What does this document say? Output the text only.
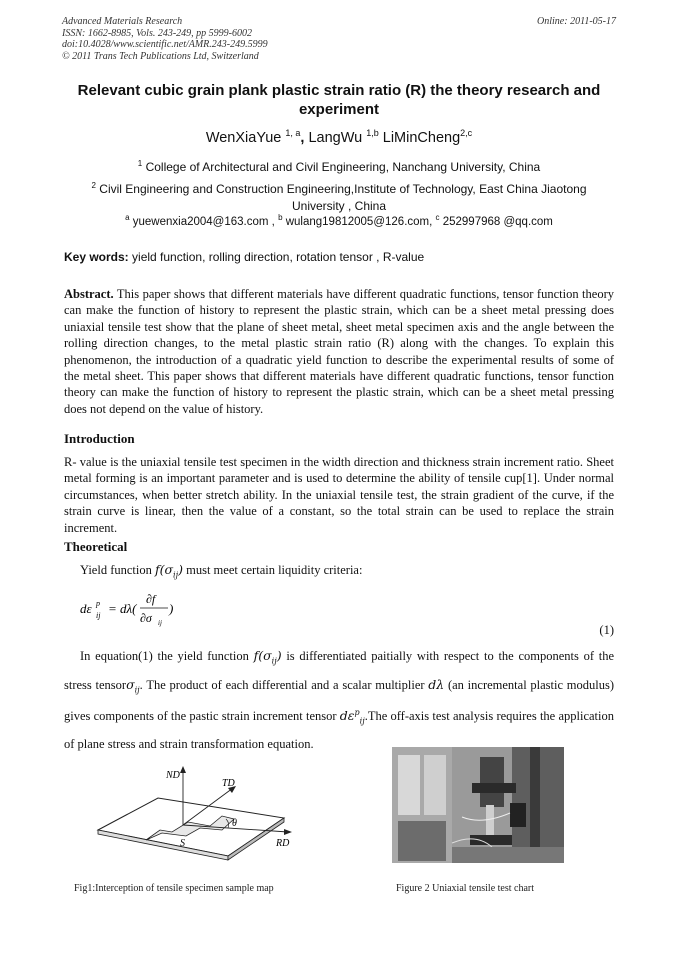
Advanced Materials Research
ISSN: 1662-8985, Vols. 243-249, pp 5999-6002
doi:10.4028/www.scientific.net/AMR.243-249.5999
© 2011 Trans Tech Publications Ltd, Switzerland
Online: 2011-05-17
Relevant cubic grain plank plastic strain ratio (R) the theory research and experiment
WenXiaYue $^{1, a}$, LangWu $^{1,b}$ LiMinCheng$^{2,c}$
$^1$ College of Architectural and Civil Engineering, Nanchang University, China
$^2$ Civil Engineering and Construction Engineering,Institute of Technology, East China Jiaotong University , China
$^a$ yuewenxia2004@163.com , $^b$ wulang19812005@126.com, $^c$ 252997968 @qq.com
Key words: yield function, rolling direction, rotation tensor , R-value
Abstract. This paper shows that different materials have different quadratic functions, tensor function theory can make the function of history to represent the plastic strain, which can be a sheet metal pressing does uniaxial tensile test show that the plane of sheet metal, sheet metal specimen axis and the angle between the rolling direction changes, to the metal plastic strain ratio (R) along with the changes. To explain this phenomenon, the introduction of a quadratic yield function to describe the experimental results of some of the metal sheet. This paper shows that different materials have different quadratic functions, tensor function theory can make the function of history to represent the plastic strain, which can be a sheet metal pressing does not depend on the value of history.
Introduction
R- value is the uniaxial tensile test specimen in the width direction and thickness strain increment ratio. Sheet metal forming is an important parameter and is used to determine the ability of tensile cup[1]. Under normal circumstances, when better stretch ability. In the uniaxial tensile test, the strain gradient of the curve, if the strain curve is linear, then the value of a constant, so the total strain can be used to replace the strain increment.
Theoretical
Yield function $f(\sigma_{ij})$ must meet certain liquidity criteria:
dε p
ij = dλ(
∂f
∂σ ij
)
(1)
In equation(1) the yield function $f(\sigma_{ij})$ is differentiated paitially with respect to the components of the stress tensorσ$_{ij}$. The product of each differential and a scalar multiplier dλ (an incremental plastic modulus) gives components of the pastic strain increment tensor $d\varepsilon^p_{ij}.The$ off-axis test analysis requires the application of plane stress and strain transformation equation.
ND
TD
RD
θ
S
Fig1:Interception of tensile specimen sample map	Figure 2 Uniaxial tensile test chart
